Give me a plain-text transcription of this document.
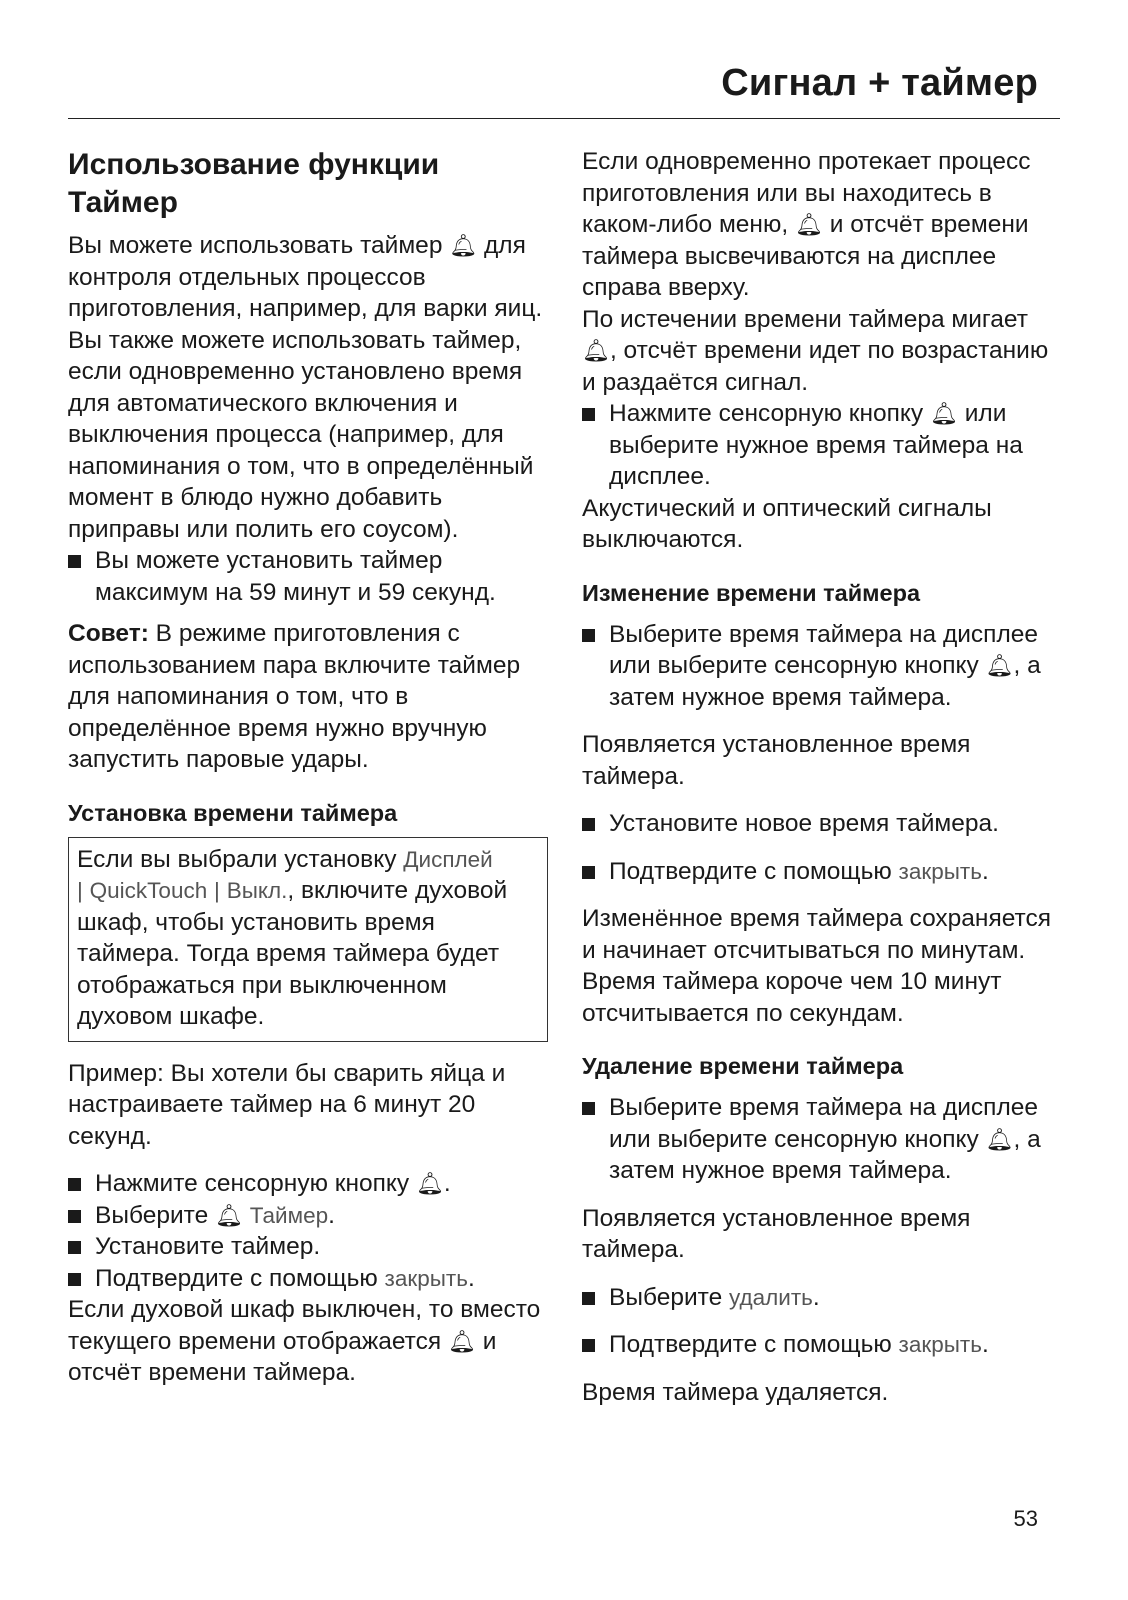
Сигнал + таймер
Использование функции
Таймер

Вы можете использовать таймер 🔔︎ для контроля отдельных процессов приготовления, например, для варки яиц.

Вы также можете использовать таймер, если одновременно установлено время для автоматического включения и выключения процесса (например, для напоминания о том, что в определённый момент в блюдо нужно добавить приправы или полить его соусом).

Вы можете установить таймер максимум на 59 минут и 59 секунд.

Совет: В режиме приготовления с использованием пара включите таймер для напоминания о том, что в определённое время нужно вручную запустить паровые удары.

Установка времени таймера

Если вы выбрали установку Дисплей
| QuickTouch | Выкл., включите духовой шкаф, чтобы установить время таймера. Тогда время таймера будет отображаться при выключенном духовом шкафе.

Пример: Вы хотели бы сварить яйца и настраиваете таймер на 6 минут 20 секунд.

Нажмите сенсорную кнопку 🔔︎.
Выберите 🔔︎ Таймер.
Установите таймер.
Подтвердите с помощью закрыть.

Если духовой шкаф выключен, то вместо текущего времени отображается 🔔︎ и отсчёт времени таймера.

Если одновременно протекает процесс приготовления или вы находитесь в каком-либо меню, 🔔︎ и отсчёт времени таймера высвечиваются на дисплее справа вверху.

По истечении времени таймера мигает 🔔︎, отсчёт времени идет по возрастанию и раздаётся сигнал.

Нажмите сенсорную кнопку 🔔︎ или выберите нужное время таймера на дисплее.

Акустический и оптический сигналы выключаются.

Изменение времени таймера
Выберите время таймера на дисплее или выберите сенсорную кнопку 🔔︎, а затем нужное время таймера.

Появляется установленное время таймера.

Установите новое время таймера.
Подтвердите с помощью закрыть.

Изменённое время таймера сохраняется и начинает отсчитываться по минутам. Время таймера короче чем 10 минут отсчитывается по секундам.

Удаление времени таймера
Выберите время таймера на дисплее или выберите сенсорную кнопку 🔔︎, а затем нужное время таймера.

Появляется установленное время таймера.

Выберите удалить.
Подтвердите с помощью закрыть.

Время таймера удаляется.

53
